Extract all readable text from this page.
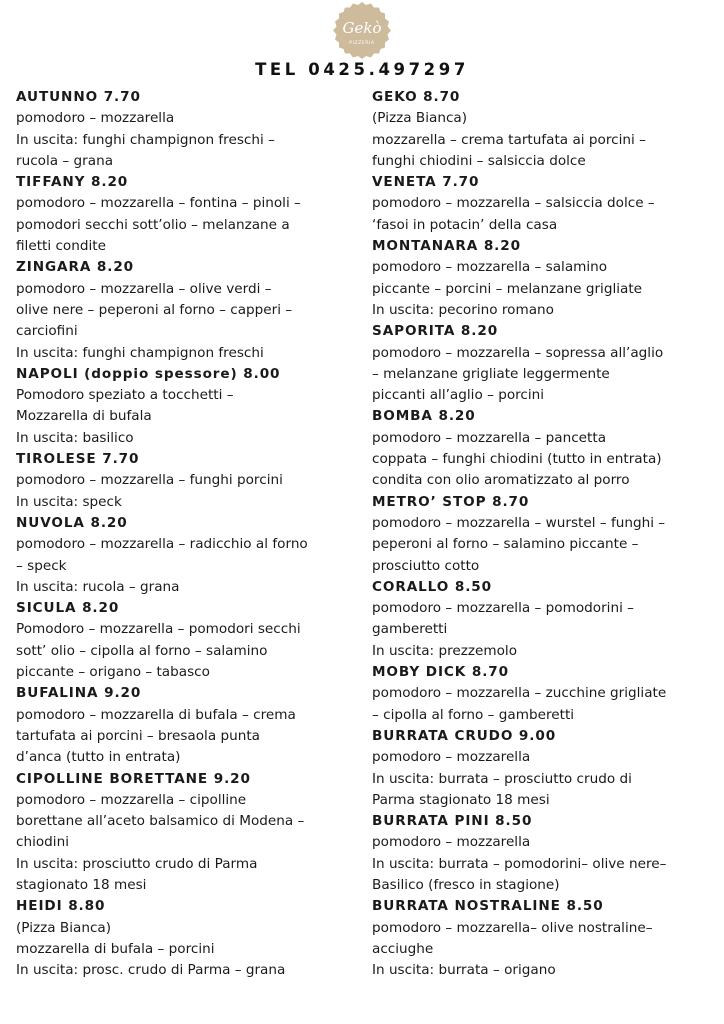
Gekò
PIZZERIA
TEL 0425.497297
AUTUNNO 7.70
pomodoro – mozzarella
In uscita: funghi champignon freschi –
rucola – grana
TIFFANY 8.20
pomodoro – mozzarella – fontina – pinoli –
pomodori secchi sott’olio – melanzane a
filetti condite
ZINGARA 8.20
pomodoro – mozzarella – olive verdi –
olive nere – peperoni al forno – capperi –
carciofini
In uscita: funghi champignon freschi
NAPOLI (doppio spessore) 8.00
Pomodoro speziato a tocchetti –
Mozzarella di bufala
In uscita: basilico
TIROLESE 7.70
pomodoro – mozzarella – funghi porcini
In uscita: speck
NUVOLA 8.20
pomodoro – mozzarella – radicchio al forno
– speck
In uscita: rucola – grana
SICULA 8.20
Pomodoro – mozzarella – pomodori secchi
sott’ olio – cipolla al forno – salamino
piccante – origano – tabasco
BUFALINA 9.20
pomodoro – mozzarella di bufala – crema
tartufata ai porcini – bresaola punta
d’anca (tutto in entrata)
CIPOLLINE BORETTANE 9.20
pomodoro – mozzarella – cipolline
borettane all’aceto balsamico di Modena –
chiodini
In uscita: prosciutto crudo di Parma
stagionato 18 mesi
HEIDI 8.80
(Pizza Bianca)
mozzarella di bufala – porcini
In uscita: prosc. crudo di Parma – grana
GEKO 8.70
(Pizza Bianca)
mozzarella – crema tartufata ai porcini –
funghi chiodini – salsiccia dolce
VENETA 7.70
pomodoro – mozzarella – salsiccia dolce –
‘fasoi in potacin’ della casa
MONTANARA 8.20
pomodoro – mozzarella – salamino
piccante – porcini – melanzane grigliate
In uscita: pecorino romano
SAPORITA 8.20
pomodoro – mozzarella – sopressa all’aglio
– melanzane grigliate leggermente
piccanti all’aglio – porcini
BOMBA 8.20
pomodoro – mozzarella – pancetta
coppata – funghi chiodini (tutto in entrata)
condita con olio aromatizzato al porro
METRO’ STOP 8.70
pomodoro – mozzarella – wurstel – funghi –
peperoni al forno – salamino piccante –
prosciutto cotto
CORALLO 8.50
pomodoro – mozzarella – pomodorini –
gamberetti
In uscita: prezzemolo
MOBY DICK 8.70
pomodoro – mozzarella – zucchine grigliate
– cipolla al forno – gamberetti
BURRATA CRUDO 9.00
pomodoro – mozzarella
In uscita: burrata – prosciutto crudo di
Parma stagionato 18 mesi
BURRATA PINI 8.50
pomodoro – mozzarella
In uscita: burrata – pomodorini– olive nere–
Basilico (fresco in stagione)
BURRATA NOSTRALINE 8.50
pomodoro – mozzarella– olive nostraline–
acciughe
In uscita: burrata – origano
